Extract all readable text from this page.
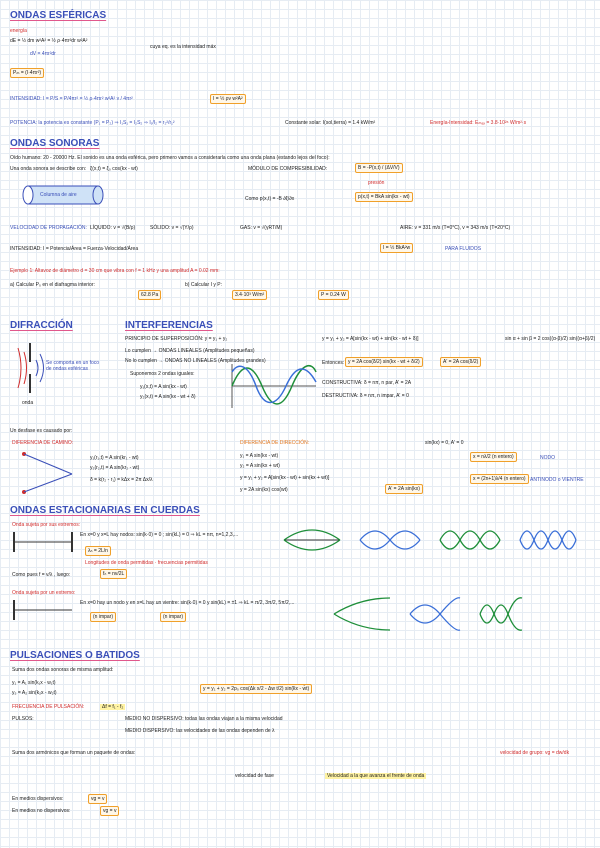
ONDAS ESFÉRICAS
energía
dE = ½ dm w²A² = ½ ρ·4πr²dr w²A²
dV = 4πr²dr
cuya eq. es la intensidad máx
Pₘ = (I·4πr²)
INTENSIDAD: I = P/S = P/4πr² = ½ ρ·4πr² w²A² v / 4πr²	I = ½ ρv w²A²
POTENCIA: la potencia es constante (P₁ = P₂) ⇒ I₁S₁ = I₂S₂ ⇒ I₁/I₂ = r₂²/r₁²	Constante solar: I(sol,tierra) = 1.4 kW/m²	Energía-Intensidad: Eₘₐₓ = 3.8·10²⁶ W/m²·s
ONDAS SONORAS
Oído humano: 20 - 20000 Hz. El sonido es una onda esférica, pero primero vamos a considerarla como una onda plana (estando lejos del foco):
Una onda sonora se describe con: ξ(x,t) = ξ₀ cos(kx - wt)
Columna de aire
MÓDULO DE COMPRESIBILIDAD:	B = -P(x,t) / (ΔV/V)
presión
Como p(x,t) = -B ∂ξ/∂x	p(x,t) = BkA sin(kx - wt)
VELOCIDAD DE PROPAGACIÓN: LÍQUIDO: v = √(B/ρ)	SÓLIDO: v = √(Y/ρ)	GAS: v = √(γRT/M)	AIRE: v = 331 m/s (T=0°C), v = 343 m/s (T=20°C)
INTENSIDAD: I = Potencia/Área = Fuerza·Velocidad/Área	I = ½ BkA²w	PARA FLUIDOS
Ejemplo 1: Altavoz de diámetro d = 30 cm que vibra con f = 1 kHz y una amplitud A = 0.02 mm:
a) Calcular P₀ en el diafragma interior:
62.8 Pa
b) Calcular I y P:
3.4·10³ W/m²	P = 0.24 W
DIFRACCIÓN
Se comporta en un foco de ondas esféricas
onda
INTERFERENCIAS
PRINCIPIO DE SUPERPOSICIÓN: y = y₁ + y₂
Lo cumplen → ONDAS LINEALES (Amplitudes pequeñas)
No lo cumplen → ONDAS NO LINEALES (Amplitudes grandes)
Suponemos 2 ondas iguales:
y₁(x,t) = A sin(kx - wt)
y₂(x,t) = A sin(kx - wt + δ)
y = y₁ + y₂ = A[sin(kx - wt) + sin(kx - wt + δ)]	sin α + sin β = 2 cos((α-β)/2) sin((α+β)/2)
Entonces: y = 2A cos(δ/2) sin(kx - wt + δ/2)	A' = 2A cos(δ/2)
CONSTRUCTIVA: δ = nπ, n par, A' = 2A
DESTRUCTIVA: δ = nπ, n impar, A' = 0
Un desfase es causado por:
DIFERENCIA DE CAMINO:
y₁(r₁,t) = A sin(kr₁ - wt)
y₂(r₂,t) = A sin(kr₂ - wt)
δ = k(r₂ - r₁) = kΔx = 2π Δx/λ
DIFERENCIA DE DIRECCIÓN:
y₁ = A sin(kx - wt)
y₂ = A sin(kx + wt)
y = y₁ + y₂ = A[sin(kx - wt) + sin(kx + wt)]
y = 2A sin(kx) cos(wt)	A' = 2A sin(kx)
sin(kx) = 0, A' = 0
x = nλ/2 (n entero)	NODO
x = (2n+1)λ/4 (n entero) ANTINODO o VIENTRE
ONDAS ESTACIONARIAS EN CUERDAS
Onda sujeta por sus extremos:
En x=0 y x=L hay nodos: sin(k·0) = 0 ; sin(kL) = 0 ⇒ kL = nπ, n=1,2,3,...
λₙ = 2L/n
Longitudes de onda permitidas · frecuencias permitidas
Como pues f = v/λ , luego:	fₙ = nv/2L
Onda sujeta por un extremo:
En x=0 hay un nodo y en x=L hay un vientre: sin(k·0) = 0 y sin(kL) = ±1 ⇒ kL = π/2, 3π/2, 5π/2,...
(n impar)	(n impar)
PULSACIONES O BATIDOS
Suma dos ondas sonoras de misma amplitud:
y₁ = A₁ sin(k₁x - w₁t)
y₂ = A₂ sin(k₂x - w₂t)
y = y₁ + y₂ = 2p₀ cos(Δk x/2 - Δw t/2) sin(k̄x - w̄t)
FRECUENCIA DE PULSACIÓN:	Δf = f₁ - f₂
PULSOS:	MEDIO NO DISPERSIVO: todas las ondas viajan a la misma velocidad
MEDIO DISPERSIVO: las velocidades de las ondas dependen de λ
Suma dos armónicos que forman un paquete de ondas:	velocidad de grupo: vg = dw/dk
velocidad de fase	Velocidad a la que avanza el frente de onda
En medios dispersivos:	vg = v
En medios no dispersivos:	vg = v
